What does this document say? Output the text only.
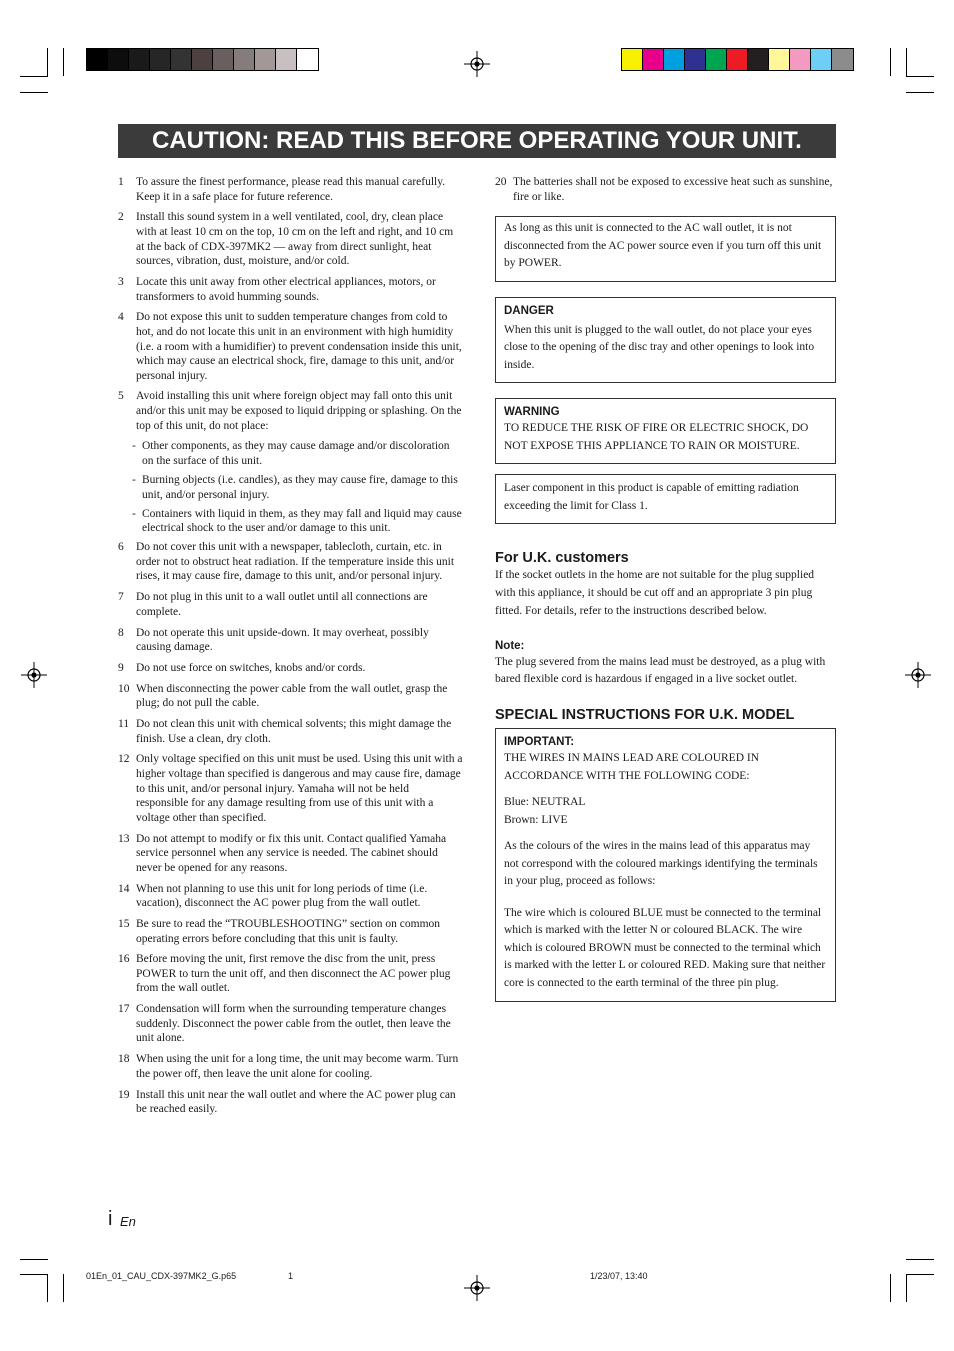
CAUTION: READ THIS BEFORE OPERATING YOUR UNIT.
1 To assure the finest performance, please read this manual carefully. Keep it in a safe place for future reference.
2 Install this sound system in a well ventilated, cool, dry, clean place with at least 10 cm on the top, 10 cm on the left and right, and 10 cm at the back of CDX-397MK2 — away from direct sunlight, heat sources, vibration, dust, moisture, and/or cold.
3 Locate this unit away from other electrical appliances, motors, or transformers to avoid humming sounds.
4 Do not expose this unit to sudden temperature changes from cold to hot, and do not locate this unit in an environment with high humidity (i.e. a room with a humidifier) to prevent condensation inside this unit, which may cause an electrical shock, fire, damage to this unit, and/or personal injury.
5 Avoid installing this unit where foreign object may fall onto this unit and/or this unit may be exposed to liquid dripping or splashing. On the top of this unit, do not place:
- Other components, as they may cause damage and/or discoloration on the surface of this unit.
- Burning objects (i.e. candles), as they may cause fire, damage to this unit, and/or personal injury.
- Containers with liquid in them, as they may fall and liquid may cause electrical shock to the user and/or damage to this unit.
6 Do not cover this unit with a newspaper, tablecloth, curtain, etc. in order not to obstruct heat radiation. If the temperature inside this unit rises, it may cause fire, damage to this unit, and/or personal injury.
7 Do not plug in this unit to a wall outlet until all connections are complete.
8 Do not operate this unit upside-down. It may overheat, possibly causing damage.
9 Do not use force on switches, knobs and/or cords.
10 When disconnecting the power cable from the wall outlet, grasp the plug; do not pull the cable.
11 Do not clean this unit with chemical solvents; this might damage the finish. Use a clean, dry cloth.
12 Only voltage specified on this unit must be used. Using this unit with a higher voltage than specified is dangerous and may cause fire, damage to this unit, and/or personal injury. Yamaha will not be held responsible for any damage resulting from use of this unit with a voltage other than specified.
13 Do not attempt to modify or fix this unit. Contact qualified Yamaha service personnel when any service is needed. The cabinet should never be opened for any reasons.
14 When not planning to use this unit for long periods of time (i.e. vacation), disconnect the AC power plug from the wall outlet.
15 Be sure to read the “TROUBLESHOOTING” section on common operating errors before concluding that this unit is faulty.
16 Before moving the unit, first remove the disc from the unit, press POWER to turn the unit off, and then disconnect the AC power plug from the wall outlet.
17 Condensation will form when the surrounding temperature changes suddenly. Disconnect the power cable from the outlet, then leave the unit alone.
18 When using the unit for a long time, the unit may become warm. Turn the power off, then leave the unit alone for cooling.
19 Install this unit near the wall outlet and where the AC power plug can be reached easily.
20 The batteries shall not be exposed to excessive heat such as sunshine, fire or like.
As long as this unit is connected to the AC wall outlet, it is not disconnected from the AC power source even if you turn off this unit by POWER.
DANGER
When this unit is plugged to the wall outlet, do not place your eyes close to the opening of the disc tray and other openings to look into inside.
WARNING
TO REDUCE THE RISK OF FIRE OR ELECTRIC SHOCK, DO NOT EXPOSE THIS APPLIANCE TO RAIN OR MOISTURE.
Laser component in this product is capable of emitting radiation exceeding the limit for Class 1.
For U.K. customers
If the socket outlets in the home are not suitable for the plug supplied with this appliance, it should be cut off and an appropriate 3 pin plug fitted. For details, refer to the instructions described below.
Note:
The plug severed from the mains lead must be destroyed, as a plug with bared flexible cord is hazardous if engaged in a live socket outlet.
SPECIAL INSTRUCTIONS FOR U.K. MODEL
IMPORTANT:
THE WIRES IN MAINS LEAD ARE COLOURED IN ACCORDANCE WITH THE FOLLOWING CODE:
Blue: NEUTRAL
Brown: LIVE
As the colours of the wires in the mains lead of this apparatus may not correspond with the coloured markings identifying the terminals in your plug, proceed as follows:
The wire which is coloured BLUE must be connected to the terminal which is marked with the letter N or coloured BLACK. The wire which is coloured BROWN must be connected to the terminal which is marked with the letter L or coloured RED. Making sure that neither core is connected to the earth terminal of the three pin plug.
i En
01En_01_CAU_CDX-397MK2_G.p65	1	1/23/07, 13:40
